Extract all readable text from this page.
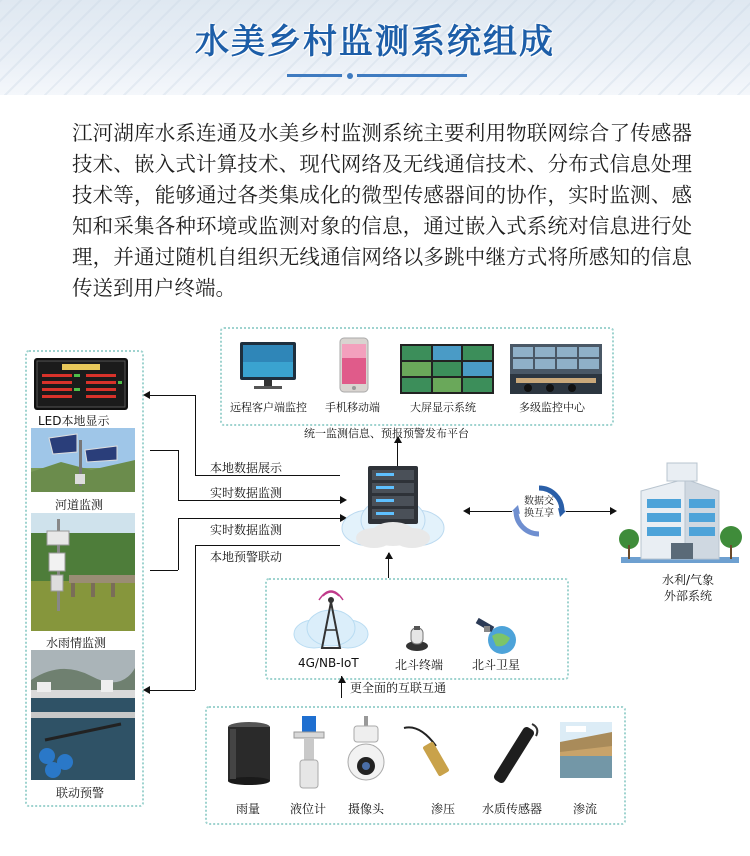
水美乡村监测系统组成
江河湖库水系连通及水美乡村监测系统主要利用物联网综合了传感器技术、嵌入式计算技术、现代网络及无线通信技术、分布式信息处理技术等，能够通过各类集成化的微型传感器间的协作，实时监测、感知和采集各种环境或监测对象的信息，通过嵌入式系统对信息进行处理，并通过随机自组织无线通信网络以多跳中继方式将所感知的信息传送到用户终端。
LED本地显示
河道监测
水雨情监测
联动预警
远程客户端监控 手机移动端	大屏显示系统	多级监控中心
统一监测信息、预报预警发布平台
本地数据展示
实时数据监测
实时数据监测
本地预警联动
数据交
换互享
水利/气象
外部系统
4G/NB-IoT	北斗终端 北斗卫星
更全面的互联互通
雨量 液位计 摄像头	渗压 水质传感器	渗流
